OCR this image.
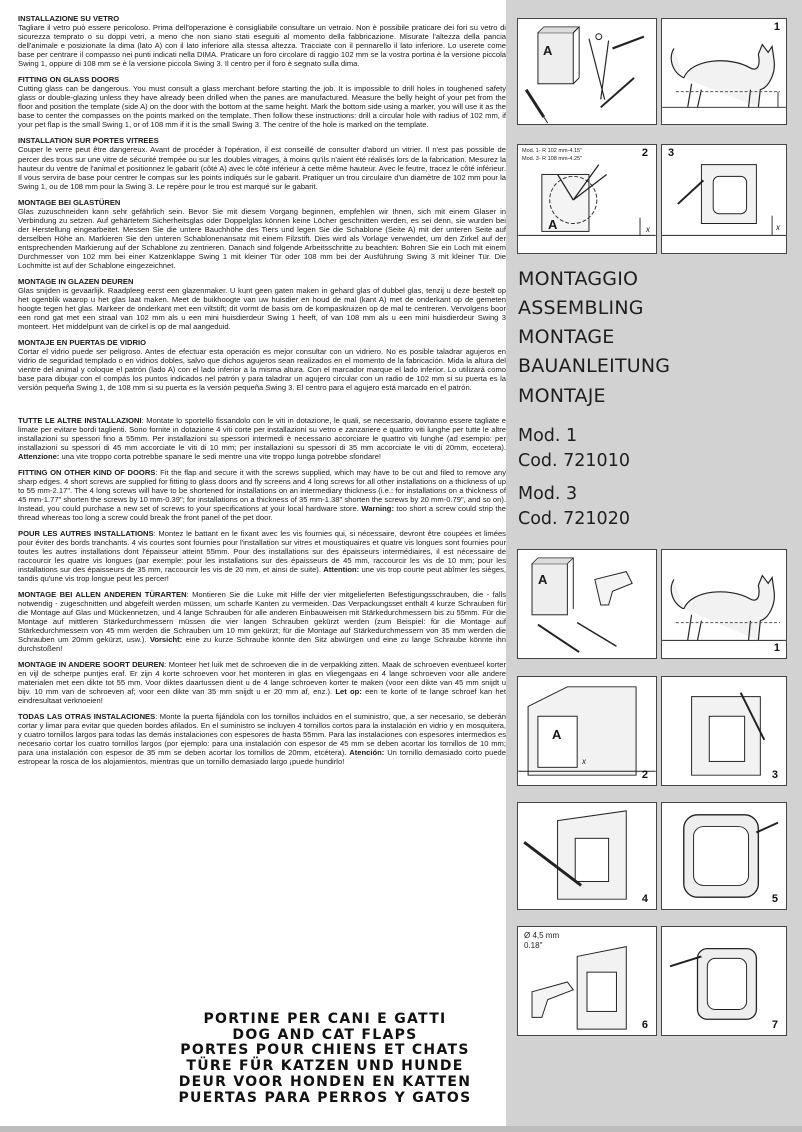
INSTALLAZIONE SU VETRO

Tagliare il vetro può essere pericoloso. Prima dell'operazione è consigliabile consultare un vetraio. Non è possibile praticare dei fori su vetro di sicurezza temprato o su doppi vetri, a meno che non siano stati eseguiti al momento della fabbricazione. Misurate l'altezza della pancia dell'animale e posizionate la dima (lato A) con il lato inferiore alla stessa altezza. Tracciate con il pennarello il lato inferiore. Lo userete come base per centrare il compasso nei punti indicati nella DIMA. Praticare un foro circolare di raggio 102 mm se la vostra portina è la versione piccola Swing 1, oppure di 108 mm se è la versione piccola Swing 3. Il centro per il foro è segnato sulla dima.

FITTING ON GLASS DOORS

Cutting glass can be dangerous. You must consult a glass merchant before starting the job. It is impossible to drill holes in toughened safety glass or double-glazing unless they have already been drilled when the panes are manufactured. Measure the belly height of your pet from the floor and position the template (side A) on the door with the bottom at the same height. Mark the bottom side using a marker, you will use it as the base to center the compasses on the points marked on the template. Then follow these instructions: drill a circular hole with radius of 102 mm, if your pet flap is the small Swing 1, or of 108 mm if it is the small Swing 3. The centre of the hole is marked on the template.

INSTALLATION SUR PORTES VITREES

Couper le verre peut être dangereux. Avant de procéder à l'opération, il est conseillé de consulter d'abord un vitrier. Il n'est pas possible de percer des trous sur une vitre de sécurité trempée ou sur les doubles vitrages, à moins qu'ils n'aient été réalisés lors de la fabrication. Mesurez la hauteur du ventre de l'animal et positionnez le gabarit (côté A) avec le côté inférieur à cette même hauteur. Avec le feutre, tracez le côté inférieur. Il vous servira de base pour centrer le compas sur les points indiqués sur le gabarit. Pratiquer un trou circulaire d'un diamètre de 102 mm pour la Swing 1, ou de 108 mm pour la Swing 3. Le repère pour le trou est marqué sur le gabarit.

MONTAGE BEI GLASTÜREN

Glas zuzuschneiden kann sehr gefährlich sein. Bevor Sie mit diesem Vorgang beginnen, empfehlen wir Ihnen, sich mit einem Glaser in Verbindung zu setzen. Auf gehärtetem Sicherheitsglas oder Doppelglas können keine Löcher geschnitten werden, es sei denn, sie wurden bei der Herstellung eingearbeitet. Messen Sie die untere Bauchhöhe des Tiers und legen Sie die Schablone (Seite A) mit der unteren Seite auf derselben Höhe an. Markieren Sie den unteren Schablonenansatz mit einem Filzstift. Dies wird als Vorlage verwendet, um den Zirkel auf der entsprechenden Markierung auf der Schablone zu zentrieren. Danach sind folgende Arbeitsschritte zu beachten: Bohren Sie ein Loch mit einem Durchmesser von 102 mm bei einer Katzenklappe Swing 1 mit kleiner Tür oder 108 mm bei der Ausführung Swing 3 mit kleiner Tür. Die Lochmitte ist auf der Schablone eingezeichnet.

MONTAGE IN GLAZEN DEUREN

Glas snijden is gevaarlijk. Raadpleeg eerst een glazenmaker. U kunt geen gaten maken in gehard glas of dubbel glas, tenzij u deze bestelt op het ogenblik waarop u het glas laat maken. Meet de buikhoogte van uw huisdier en houd de mal (kant A) met de onderkant op de gemeten hoogte tegen het glas. Markeer de onderkant met een viltstift; dit vormt de basis om de kompaskruizen op de mal te centreren. Vervolgens boor een rond gat met een straal van 102 mm als u een mini huisdierdeur Swing 1 heeft, of van 108 mm als u een mini huisdierdeur Swing 3 monteert. Het middelpunt van de cirkel is op de mal aangeduid.

MONTAJE EN PUERTAS DE VIDRIO

Cortar el vidrio puede ser peligroso. Antes de efectuar esta operación es mejor consultar con un vidriero. No es posible taladrar agujeros en vidrio de seguridad templado o en vidrios dobles, salvo que dichos agujeros sean realizados en el momento de la fabricación. Mida la altura del vientre del animal y coloque el patrón (lado A) con el lado inferior a la misma altura. Con el marcador marque el lado inferior. Lo utilizará como base para dibujar con el compás los puntos indicados nel patrón y para taladrar un agujero circular con un radio de 102 mm si su puerta es la versión pequeña Swing 1, de 108 mm si su puerta es la versión pequeña Swing 3. El centro para el agujero está marcado en el patrón.

TUTTE LE ALTRE INSTALLAZIONI: Montate lo sportello fissandolo con le viti in dotazione, le quali, se necessario, dovranno essere tagliate e limate per evitare bordi taglienti. Sono fornite in dotazione 4 viti corte per installazioni su vetro e zanzariere e quattro viti lunghe per tutte le altre installazioni su spessori fino a 55mm. Per installazioni su spessori intermedi è necessario accorciare le quattro viti lunghe (ad esempio: per installazioni su spessori di 45 mm accorciate le viti di 10 mm; per installazioni su spessori di 35 mm accorciate le viti di 20mm, eccetera). Attenzione: una vite troppo corta potrebbe spanare le sedi mentre una vite troppo lunga potrebbe sfondare!

FITTING ON OTHER KIND OF DOORS: Fit the flap and secure it with the screws supplied, which may have to be cut and filed to remove any sharp edges. 4 short screws are supplied for fitting to glass doors and fly screens and 4 long screws for all other installations on a thickness of up to 55 mm-2.17". The 4 long screws will have to be shortened for installations on an intermediary thickness (i.e.: for installations on a thickness of 45 mm-1.77" shorten the screws by 10 mm-0.39"; for installations on a thickness of 35 mm-1.38" shorten the screws by 20 mm-0.79", and so on). Instead, you could purchase a new set of screws to your specifications at your local hardware store. Warning: too short a screw could strip the thread whereas too long a screw could break the front panel of the pet door.

POUR LES AUTRES INSTALLATIONS: Montez le battant en le fixant avec les vis fournies qui, si nécessaire, devront être coupées et limées pour éviter des bords tranchants. 4 vis courtes sont fournies pour l'installation sur vitres et moustiquaires et quatre vis longues sont fournies pour toutes les autres installations dont l'épaisseur atteint 55mm. Pour des installations sur des épaisseurs intermédiaires, il est nécessaire de raccourcir les quatre vis longues (par exemple: pour les installations sur des épaisseurs de 45 mm, raccourcir les vis de 10 mm; pour les installations sur des épaisseurs de 35 mm, raccourcir les vis de 20 mm, et ainsi de suite). Attention: une vis trop courte peut abîmer les sièges, tandis qu'une vis trop longue peut les percer!

MONTAGE BEI ALLEN ANDEREN TÜRARTEN: Montieren Sie die Luke mit Hilfe der vier mitgelieferten Befestigungsschrauben, die - falls notwendig - zugeschnitten und abgefeilt werden müssen, um scharfe Kanten zu vermeiden. Das Verpackungsset enthält 4 kurze Schrauben für die Montage auf Glas und Mückennetzen, und 4 lange Schrauben für alle anderen Einbauweisen mit Stärkedurchmessern bis zu 55mm. Für die Montage auf mittleren Stärkedurchmessern müssen die vier langen Schrauben gekürzt werden (zum Beispiel: für die Montage auf Stärkedurchmessern von 45 mm werden die Schrauben um 10 mm gekürzt; für die Montage auf Stärkedurchmessern von 35 mm werden die Schrauben um 20mm gekürzt, usw.). Vorsicht: eine zu kurze Schraube könnte den Sitz abwürgen und eine zu lange Schraube könnte ihn durchstoßen!

MONTAGE IN ANDERE SOORT DEUREN: Monteer het luik met de schroeven die in de verpakking zitten. Maak de schroeven eventueel korter en vijl de scherpe puntjes eraf. Er zijn 4 korte schroeven voor het monteren in glas en vliegengaas en 4 lange schroeven voor alle andere materialen met een dikte tot 55 mm. Voor diktes daartussen dient u de 4 lange schroeven korter te maken (voor een dikte van 45 mm snijdt u bijv. 10 mm van de schroeven af; voor een dikte van 35 mm snijdt u er 20 mm af, enz.). Let op: een te korte of te lange schroef kan het eindresultaat verknoeien!

TODAS LAS OTRAS INSTALACIONES: Monte la puerta fijándola con los tornillos incluidos en el suministro, que, a ser necesario, se deberán cortar y limar para evitar que queden bordes afilados. En el suministro se incluyen 4 tornillos cortos para la instalación en vidrio y en mosquitera, y cuatro tornillos largos para todas las demás instalaciones con espesores de hasta 55mm. Para las instalaciones con espesores intermedios es necesario cortar los cuatro tornillos largos (por ejemplo: para una instalación con espesor de 45 mm se deben acortar los tornillos de 10 mm; para una instalación con espesor de 35 mm se deben acortar los tornillos de 20mm, etcétera). Atención: Un tornillo demasiado corto puede estropear la rosca de los alojamientos, mientras que un tornillo demasiado largo ¡puede hundirlo!

PORTINE PER CANI E GATTI
DOG AND CAT FLAPS
PORTES POUR CHIENS ET CHATS
TÜRE FÜR KATZEN UND HUNDE
DEUR VOOR HONDEN EN KATTEN
PUERTAS PARA PERROS Y GATOS
A
1
Mod. 1- R 102 mm-4.15"
Mod. 3- R 108 mm-4.25"	2
A	x
3
x
MONTAGGIO
ASSEMBLING
MONTAGE
BAUANLEITUNG
MONTAJE
Mod. 1
Cod. 721010
Mod. 3
Cod. 721020
A
1
A
2
x
3
4	5
Ø 4,5 mm
0.18"
6	7
